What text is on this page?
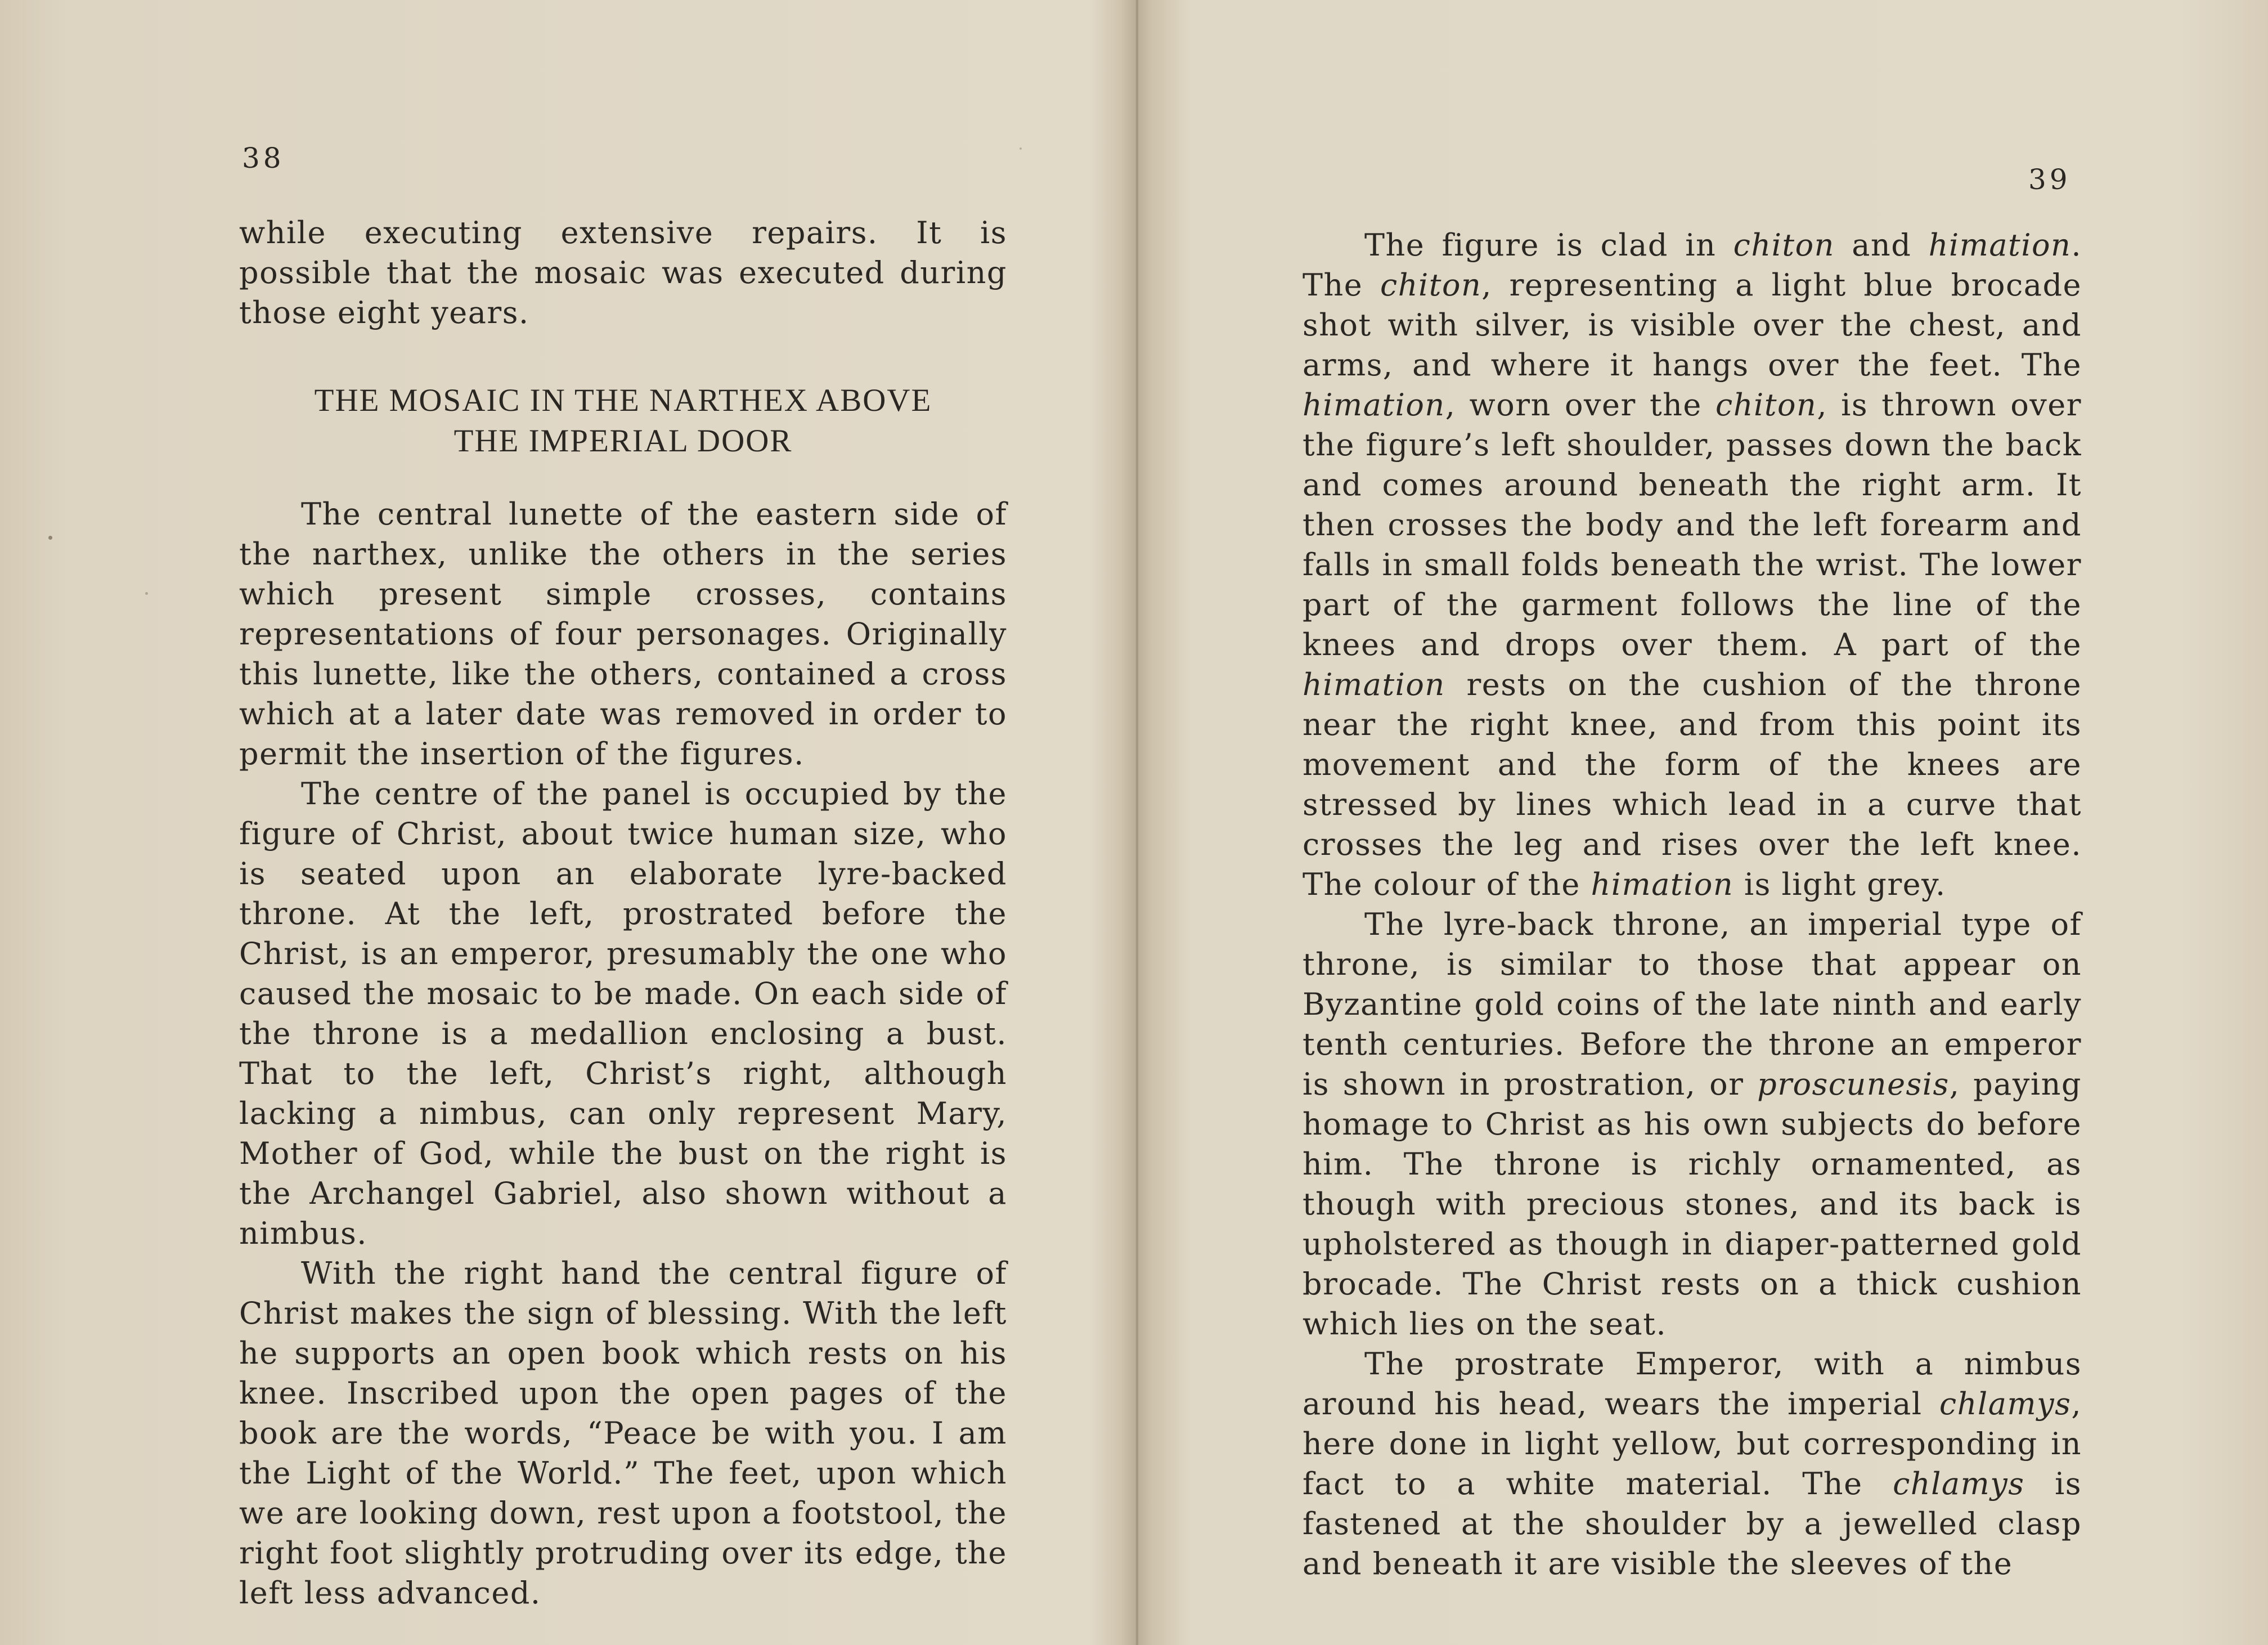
38

while executing extensive repairs. It is possible that the mosaic was executed during those eight years.

THE MOSAIC IN THE NARTHEX ABOVE
THE IMPERIAL DOOR

The central lunette of the eastern side of the narthex, unlike the others in the series which present simple crosses, contains representations of four personages. Originally this lunette, like the others, contained a cross which at a later date was removed in order to permit the insertion of the figures.

The centre of the panel is occupied by the figure of Christ, about twice human size, who is seated upon an elaborate lyre-backed throne. At the left, prostrated before the Christ, is an emperor, presumably the one who caused the mosaic to be made. On each side of the throne is a medallion enclosing a bust. That to the left, Christ’s right, although lacking a nimbus, can only represent Mary, Mother of God, while the bust on the right is the Archangel Gabriel, also shown without a nimbus.

With the right hand the central figure of Christ makes the sign of blessing. With the left he supports an open book which rests on his knee. Inscribed upon the open pages of the book are the words, “Peace be with you. I am the Light of the World.” The feet, upon which we are looking down, rest upon a footstool, the right foot slightly protruding over its edge, the left less advanced.

39

The figure is clad in chiton and himation. The chiton, representing a light blue brocade shot with silver, is visible over the chest, and arms, and where it hangs over the feet. The himation, worn over the chiton, is thrown over the figure’s left shoulder, passes down the back and comes around beneath the right arm. It then crosses the body and the left forearm and falls in small folds beneath the wrist. The lower part of the garment follows the line of the knees and drops over them. A part of the himation rests on the cushion of the throne near the right knee, and from this point its movement and the form of the knees are stressed by lines which lead in a curve that crosses the leg and rises over the left knee. The colour of the himation is light grey.

The lyre-back throne, an imperial type of throne, is similar to those that appear on Byzantine gold coins of the late ninth and early tenth centuries. Before the throne an emperor is shown in prostration, or proscunesis, paying homage to Christ as his own subjects do before him. The throne is richly ornamented, as though with precious stones, and its back is upholstered as though in diaper-patterned gold brocade. The Christ rests on a thick cushion which lies on the seat.

The prostrate Emperor, with a nimbus around his head, wears the imperial chlamys, here done in light yellow, but corresponding in fact to a white material. The chlamys is fastened at the shoulder by a jewelled clasp and beneath it are visible the sleeves of the
